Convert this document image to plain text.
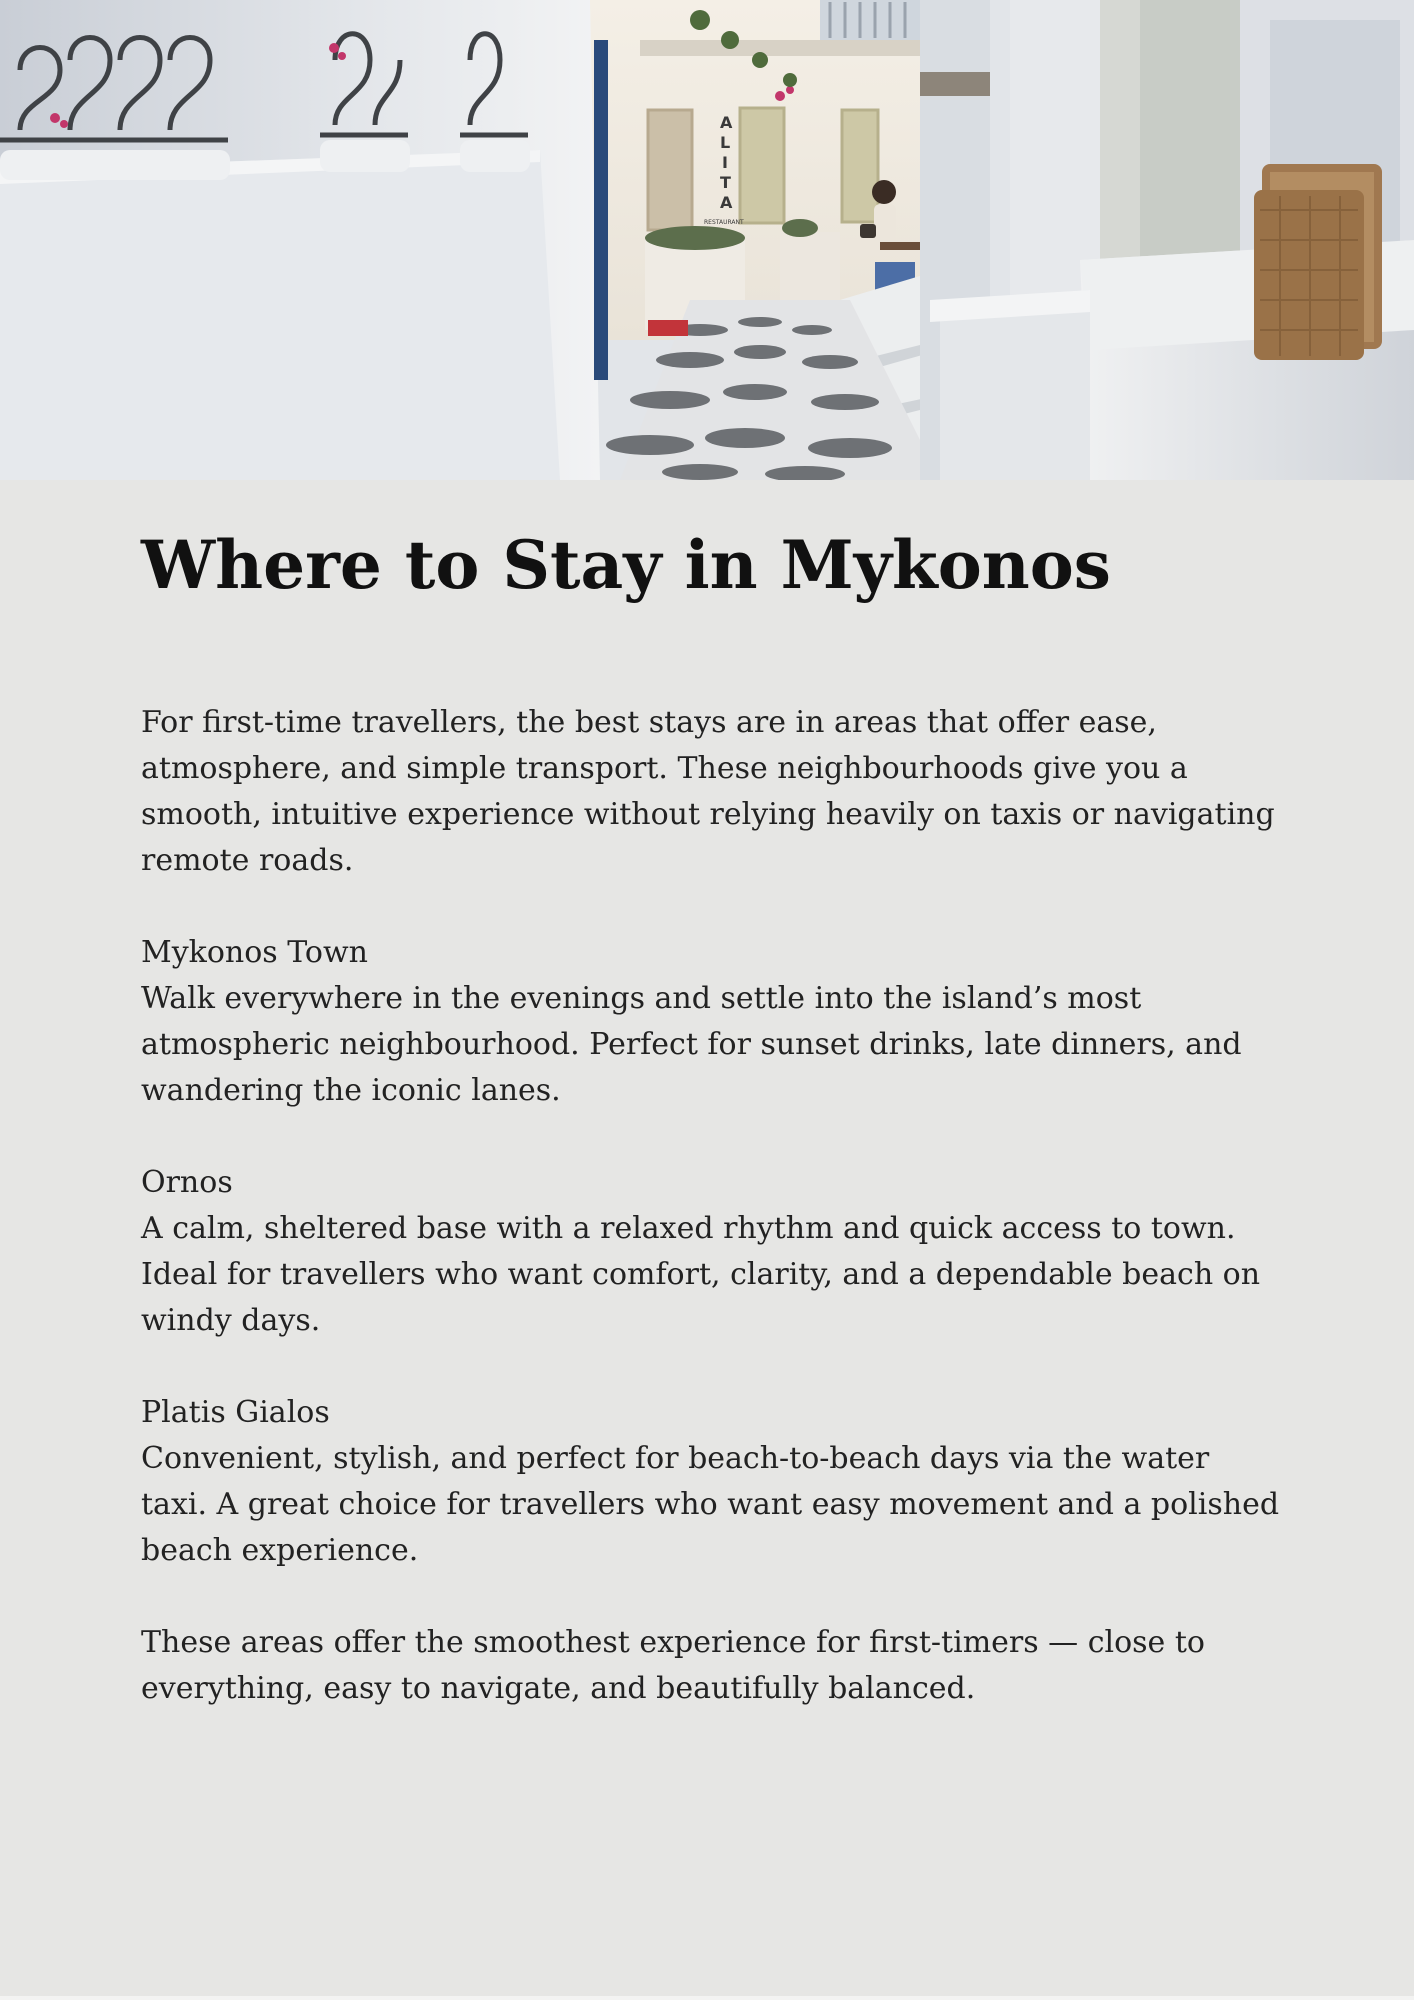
A
L
I
T
A
RESTAURANT
Where to Stay in Mykonos

For first-time travellers, the best stays are in areas that offer ease, atmosphere, and simple transport. These neighbourhoods give you a smooth, intuitive experience without relying heavily on taxis or navigating remote roads.

Mykonos Town

Walk everywhere in the evenings and settle into the island’s most atmospheric neighbourhood. Perfect for sunset drinks, late dinners, and wandering the iconic lanes.

Ornos

A calm, sheltered base with a relaxed rhythm and quick access to town. Ideal for travellers who want comfort, clarity, and a dependable beach on windy days.

Platis Gialos

Convenient, stylish, and perfect for beach-to-beach days via the water taxi. A great choice for travellers who want easy movement and a polished beach experience.

These areas offer the smoothest experience for first-timers — close to everything, easy to navigate, and beautifully balanced.
